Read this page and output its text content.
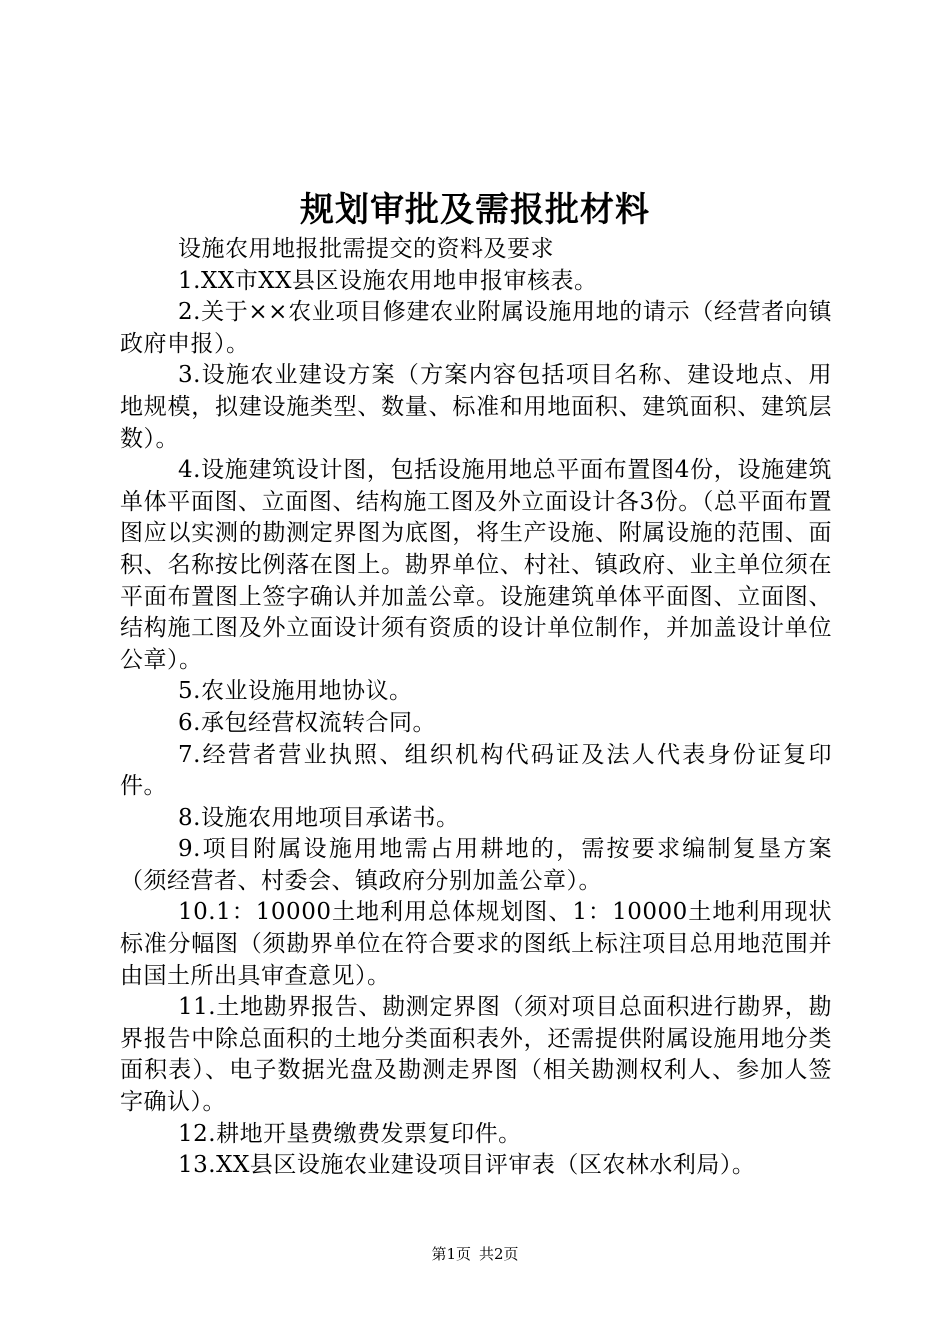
规划审批及需报批材料

设施农用地报批需提交的资料及要求

1.XX市XX县区设施农用地申报审核表。

2.关于××农业项目修建农业附属设施用地的请示（经营者向镇政府申报）。

3.设施农业建设方案（方案内容包括项目名称、建设地点、用地规模，拟建设施类型、数量、标准和用地面积、建筑面积、建筑层数）。

4.设施建筑设计图，包括设施用地总平面布置图4份，设施建筑单体平面图、立面图、结构施工图及外立面设计各3份。（总平面布置图应以实测的勘测定界图为底图，将生产设施、附属设施的范围、面积、名称按比例落在图上。勘界单位、村社、镇政府、业主单位须在平面布置图上签字确认并加盖公章。设施建筑单体平面图、立面图、结构施工图及外立面设计须有资质的设计单位制作，并加盖设计单位公章）。

5.农业设施用地协议。

6.承包经营权流转合同。

7.经营者营业执照、组织机构代码证及法人代表身份证复印件。

8.设施农用地项目承诺书。

9.项目附属设施用地需占用耕地的，需按要求编制复垦方案（须经营者、村委会、镇政府分别加盖公章）。

10.1：10000土地利用总体规划图、1：10000土地利用现状标准分幅图（须勘界单位在符合要求的图纸上标注项目总用地范围并由国土所出具审查意见）。

11.土地勘界报告、勘测定界图（须对项目总面积进行勘界，勘界报告中除总面积的土地分类面积表外，还需提供附属设施用地分类面积表）、电子数据光盘及勘测走界图（相关勘测权利人、参加人签字确认）。

12.耕地开垦费缴费发票复印件。

13.XX县区设施农业建设项目评审表（区农林水利局）。

第1页 共2页
